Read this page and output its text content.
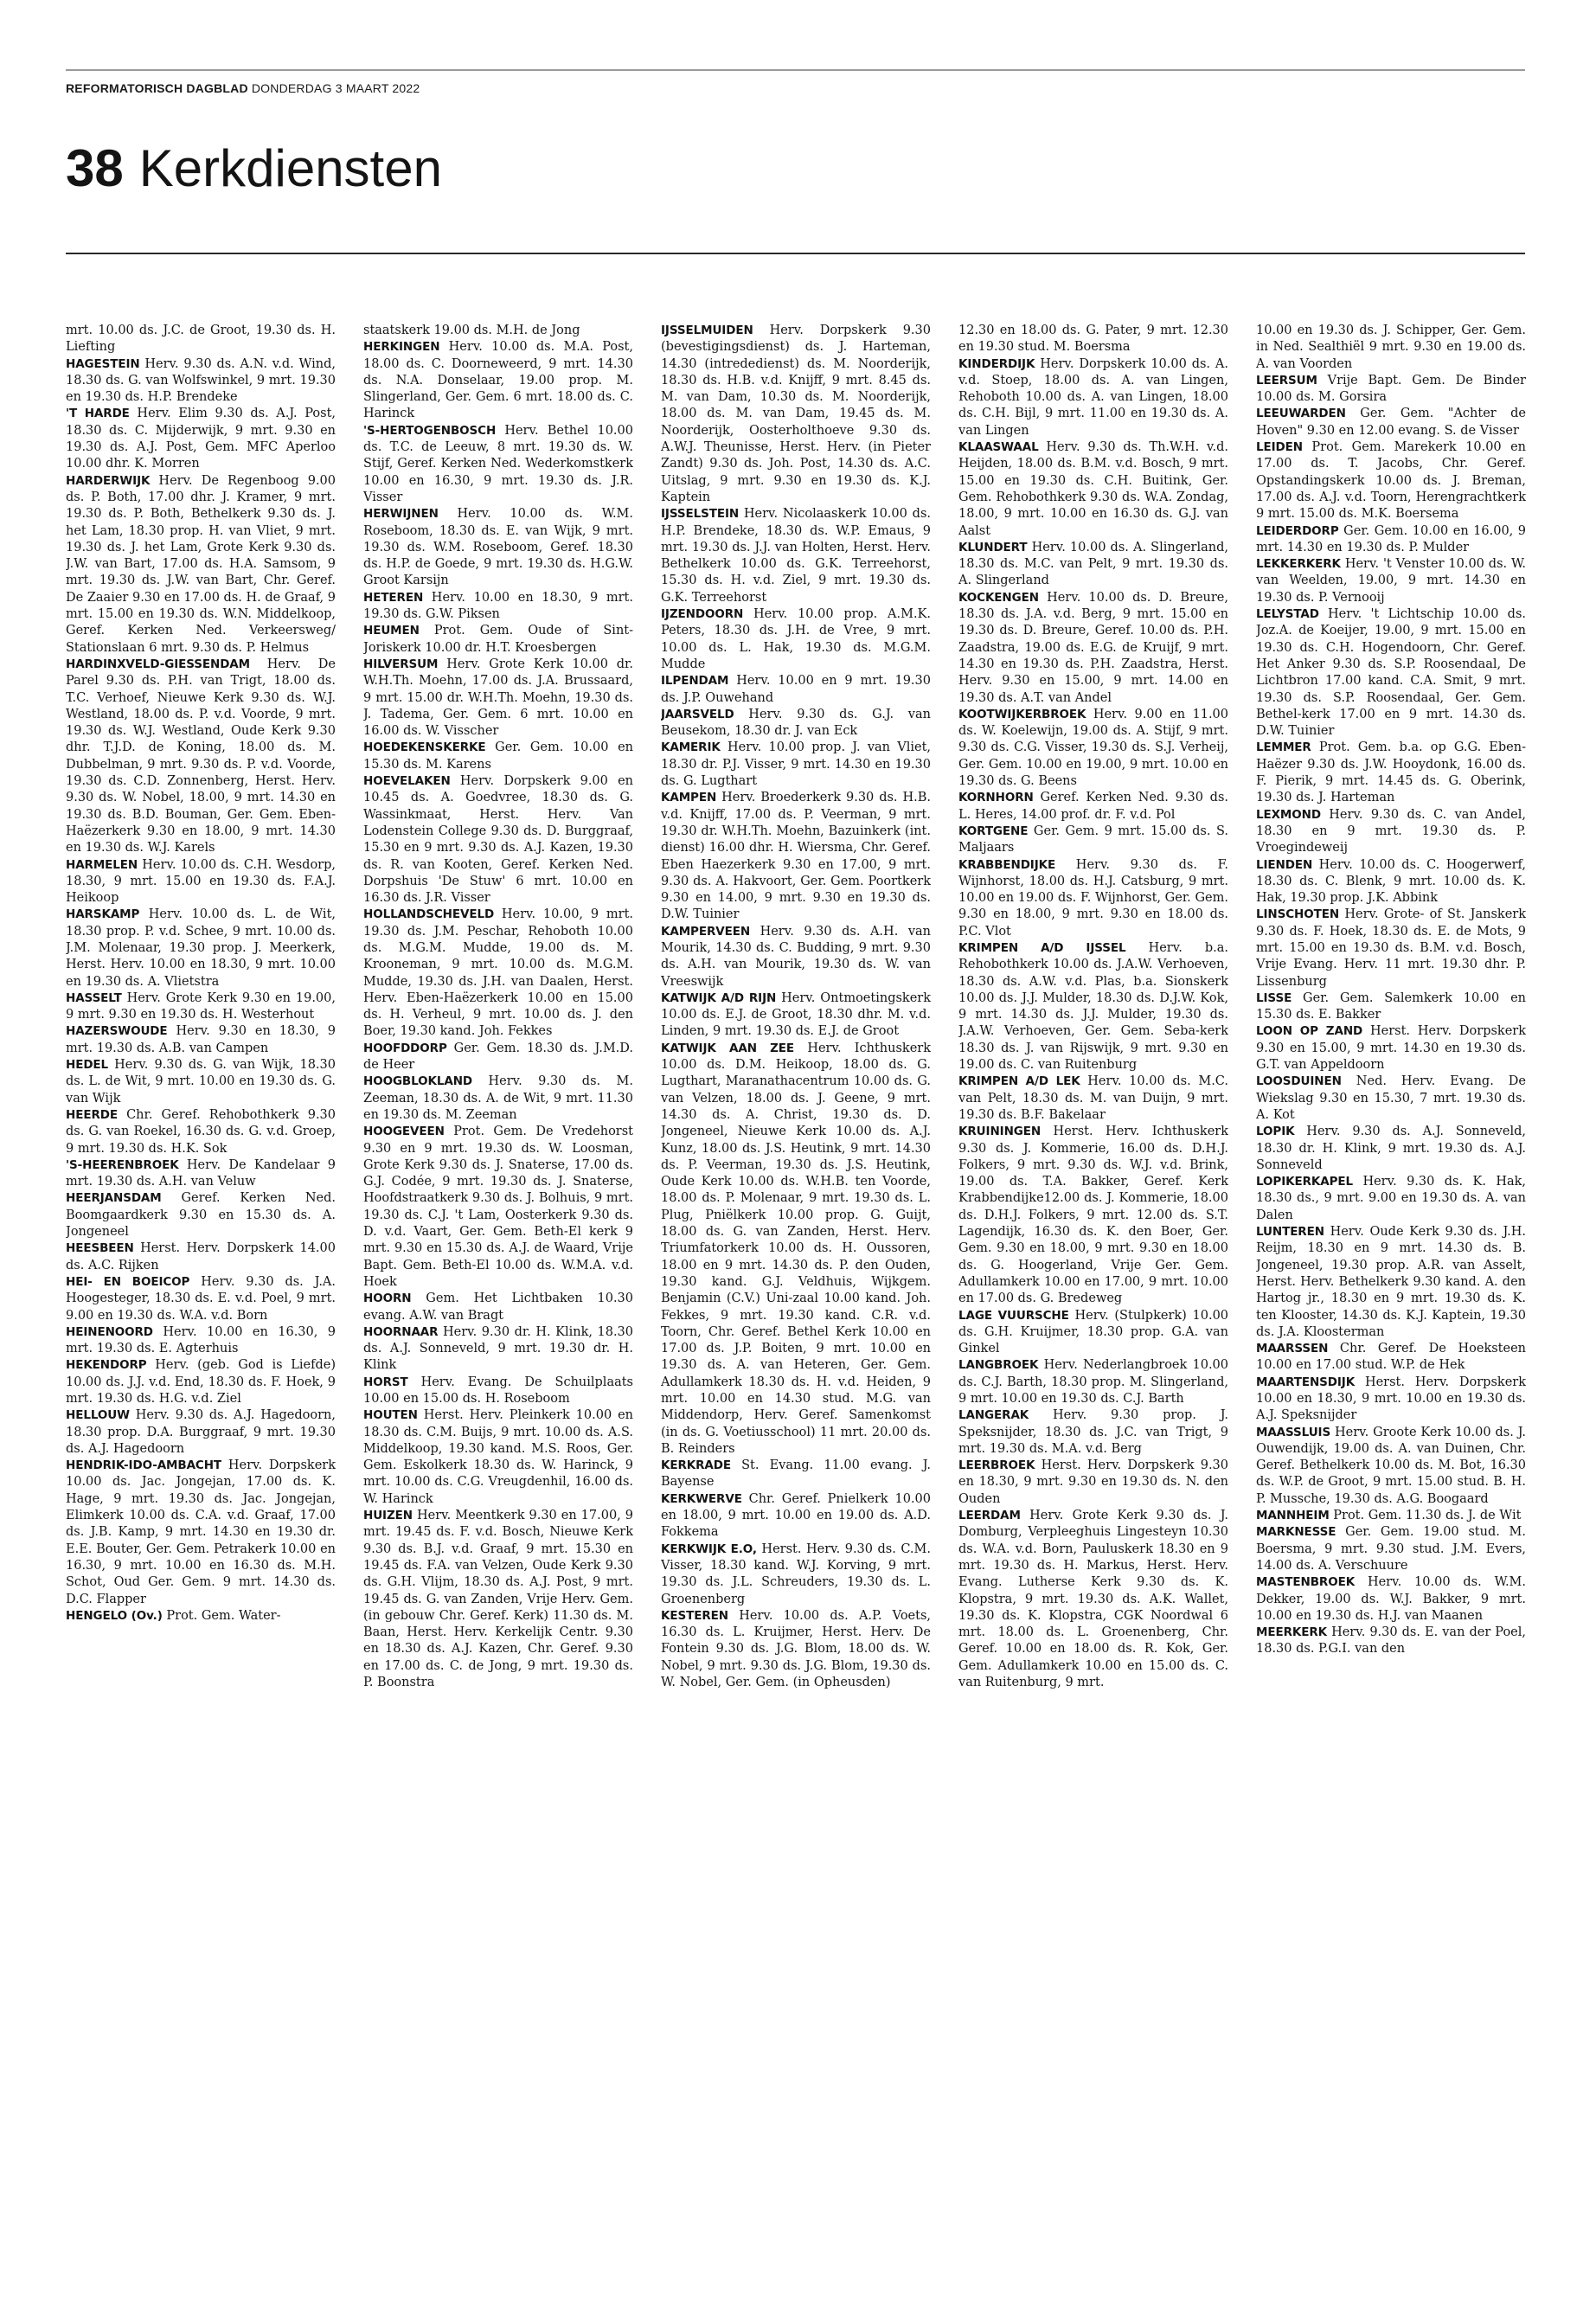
REFORMATORISCH DAGBLAD DONDERDAG 3 MAART 2022
38 Kerkdiensten

mrt. 10.00 ds. J.C. de Groot, 19.30 ds. H. Liefting

HAGESTEIN Herv. 9.30 ds. A.N. v.d. Wind, 18.30 ds. G. van Wolfswinkel, 9 mrt. 19.30 en 19.30 ds. H.P. Brendeke

'T HARDE Herv. Elim 9.30 ds. A.J. Post, 18.30 ds. C. Mijderwijk, 9 mrt. 9.30 en 19.30 ds. A.J. Post, Gem. MFC Aperloo 10.00 dhr. K. Morren

HARDERWIJK Herv. De Regenboog 9.00 ds. P. Both, 17.00 dhr. J. Kramer, 9 mrt. 19.30 ds. P. Both, Bethelkerk 9.30 ds. J. het Lam, 18.30 prop. H. van Vliet, 9 mrt. 19.30 ds. J. het Lam, Grote Kerk 9.30 ds. J.W. van Bart, 17.00 ds. H.A. Samsom, 9 mrt. 19.30 ds. J.W. van Bart, Chr. Geref. De Zaaier 9.30 en 17.00 ds. H. de Graaf, 9 mrt. 15.00 en 19.30 ds. W.N. Middelkoop, Geref. Kerken Ned. Verkeersweg/ Stationslaan 6 mrt. 9.30 ds. P. Helmus

HARDINXVELD-GIESSENDAM Herv. De Parel 9.30 ds. P.H. van Trigt, 18.00 ds. T.C. Verhoef, Nieuwe Kerk 9.30 ds. W.J. Westland, 18.00 ds. P. v.d. Voorde, 9 mrt. 19.30 ds. W.J. Westland, Oude Kerk 9.30 dhr. T.J.D. de Koning, 18.00 ds. M. Dubbelman, 9 mrt. 9.30 ds. P. v.d. Voorde, 19.30 ds. C.D. Zonnenberg, Herst. Herv. 9.30 ds. W. Nobel, 18.00, 9 mrt. 14.30 en 19.30 ds. B.D. Bouman, Ger. Gem. Eben-Haëzerkerk 9.30 en 18.00, 9 mrt. 14.30 en 19.30 ds. W.J. Karels

HARMELEN Herv. 10.00 ds. C.H. Wesdorp, 18.30, 9 mrt. 15.00 en 19.30 ds. F.A.J. Heikoop

HARSKAMP Herv. 10.00 ds. L. de Wit, 18.30 prop. P. v.d. Schee, 9 mrt. 10.00 ds. J.M. Molenaar, 19.30 prop. J. Meerkerk, Herst. Herv. 10.00 en 18.30, 9 mrt. 10.00 en 19.30 ds. A. Vlietstra

HASSELT Herv. Grote Kerk 9.30 en 19.00, 9 mrt. 9.30 en 19.30 ds. H. Westerhout

HAZERSWOUDE Herv. 9.30 en 18.30, 9 mrt. 19.30 ds. A.B. van Campen

HEDEL Herv. 9.30 ds. G. van Wijk, 18.30 ds. L. de Wit, 9 mrt. 10.00 en 19.30 ds. G. van Wijk

HEERDE Chr. Geref. Rehobothkerk 9.30 ds. G. van Roekel, 16.30 ds. G. v.d. Groep, 9 mrt. 19.30 ds. H.K. Sok

'S-HEERENBROEK Herv. De Kandelaar 9 mrt. 19.30 ds. A.H. van Veluw

HEERJANSDAM Geref. Kerken Ned. Boomgaardkerk 9.30 en 15.30 ds. A. Jongeneel

HEESBEEN Herst. Herv. Dorpskerk 14.00 ds. A.C. Rijken

HEI- EN BOEICOP Herv. 9.30 ds. J.A. Hoogesteger, 18.30 ds. E. v.d. Poel, 9 mrt. 9.00 en 19.30 ds. W.A. v.d. Born

HEINENOORD Herv. 10.00 en 16.30, 9 mrt. 19.30 ds. E. Agterhuis

HEKENDORP Herv. (geb. God is Liefde) 10.00 ds. J.J. v.d. End, 18.30 ds. F. Hoek, 9 mrt. 19.30 ds. H.G. v.d. Ziel

HELLOUW Herv. 9.30 ds. A.J. Hagedoorn, 18.30 prop. D.A. Burggraaf, 9 mrt. 19.30 ds. A.J. Hagedoorn

HENDRIK-IDO-AMBACHT Herv. Dorpskerk 10.00 ds. Jac. Jongejan, 17.00 ds. K. Hage, 9 mrt. 19.30 ds. Jac. Jongejan, Elimkerk 10.00 ds. C.A. v.d. Graaf, 17.00 ds. J.B. Kamp, 9 mrt. 14.30 en 19.30 dr. E.E. Bouter, Ger. Gem. Petrakerk 10.00 en 16.30, 9 mrt. 10.00 en 16.30 ds. M.H. Schot, Oud Ger. Gem. 9 mrt. 14.30 ds. D.C. Flapper

HENGELO (Ov.) Prot. Gem. Water-

staatskerk 19.00 ds. M.H. de Jong

HERKINGEN Herv. 10.00 ds. M.A. Post, 18.00 ds. C. Doorneweerd, 9 mrt. 14.30 ds. N.A. Donselaar, 19.00 prop. M. Slingerland, Ger. Gem. 6 mrt. 18.00 ds. C. Harinck

'S-HERTOGENBOSCH Herv. Bethel 10.00 ds. T.C. de Leeuw, 8 mrt. 19.30 ds. W. Stijf, Geref. Kerken Ned. Wederkomstkerk 10.00 en 16.30, 9 mrt. 19.30 ds. J.R. Visser

HERWIJNEN Herv. 10.00 ds. W.M. Roseboom, 18.30 ds. E. van Wijk, 9 mrt. 19.30 ds. W.M. Roseboom, Geref. 18.30 ds. H.P. de Goede, 9 mrt. 19.30 ds. H.G.W. Groot Karsijn

HETEREN Herv. 10.00 en 18.30, 9 mrt. 19.30 ds. G.W. Piksen

HEUMEN Prot. Gem. Oude of Sint-Joriskerk 10.00 dr. H.T. Kroesbergen

HILVERSUM Herv. Grote Kerk 10.00 dr. W.H.Th. Moehn, 17.00 ds. J.A. Brussaard, 9 mrt. 15.00 dr. W.H.Th. Moehn, 19.30 ds. J. Tadema, Ger. Gem. 6 mrt. 10.00 en 16.00 ds. W. Visscher

HOEDEKENSKERKE Ger. Gem. 10.00 en 15.30 ds. M. Karens

HOEVELAKEN Herv. Dorpskerk 9.00 en 10.45 ds. A. Goedvree, 18.30 ds. G. Wassinkmaat, Herst. Herv. Van Lodenstein College 9.30 ds. D. Burggraaf, 15.30 en 9 mrt. 9.30 ds. A.J. Kazen, 19.30 ds. R. van Kooten, Geref. Kerken Ned. Dorpshuis 'De Stuw' 6 mrt. 10.00 en 16.30 ds. J.R. Visser

HOLLANDSCHEVELD Herv. 10.00, 9 mrt. 19.30 ds. J.M. Peschar, Rehoboth 10.00 ds. M.G.M. Mudde, 19.00 ds. M. Krooneman, 9 mrt. 10.00 ds. M.G.M. Mudde, 19.30 ds. J.H. van Daalen, Herst. Herv. Eben-Haëzerkerk 10.00 en 15.00 ds. H. Verheul, 9 mrt. 10.00 ds. J. den Boer, 19.30 kand. Joh. Fekkes

HOOFDDORP Ger. Gem. 18.30 ds. J.M.D. de Heer

HOOGBLOKLAND Herv. 9.30 ds. M. Zeeman, 18.30 ds. A. de Wit, 9 mrt. 11.30 en 19.30 ds. M. Zeeman

HOOGEVEEN Prot. Gem. De Vredehorst 9.30 en 9 mrt. 19.30 ds. W. Loosman, Grote Kerk 9.30 ds. J. Snaterse, 17.00 ds. G.J. Codée, 9 mrt. 19.30 ds. J. Snaterse, Hoofdstraatkerk 9.30 ds. J. Bolhuis, 9 mrt. 19.30 ds. C.J. 't Lam, Oosterkerk 9.30 ds. D. v.d. Vaart, Ger. Gem. Beth-El kerk 9 mrt. 9.30 en 15.30 ds. A.J. de Waard, Vrije Bapt. Gem. Beth-El 10.00 ds. W.M.A. v.d. Hoek

HOORN Gem. Het Lichtbaken 10.30 evang. A.W. van Bragt

HOORNAAR Herv. 9.30 dr. H. Klink, 18.30 ds. A.J. Sonneveld, 9 mrt. 19.30 dr. H. Klink

HORST Herv. Evang. De Schuilplaats 10.00 en 15.00 ds. H. Roseboom

HOUTEN Herst. Herv. Pleinkerk 10.00 en 18.30 ds. C.M. Buijs, 9 mrt. 10.00 ds. A.S. Middelkoop, 19.30 kand. M.S. Roos, Ger. Gem. Eskolkerk 18.30 ds. W. Harinck, 9 mrt. 10.00 ds. C.G. Vreugdenhil, 16.00 ds. W. Harinck

HUIZEN Herv. Meentkerk 9.30 en 17.00, 9 mrt. 19.45 ds. F. v.d. Bosch, Nieuwe Kerk 9.30 ds. B.J. v.d. Graaf, 9 mrt. 15.30 en 19.45 ds. F.A. van Velzen, Oude Kerk 9.30 ds. G.H. Vlijm, 18.30 ds. A.J. Post, 9 mrt. 19.45 ds. G. van Zanden, Vrije Herv. Gem. (in gebouw Chr. Geref. Kerk) 11.30 ds. M. Baan, Herst. Herv. Kerkelijk Centr. 9.30 en 18.30 ds. A.J. Kazen, Chr. Geref. 9.30 en 17.00 ds. C. de Jong, 9 mrt. 19.30 ds. P. Boonstra

IJSSELMUIDEN Herv. Dorpskerk 9.30 (bevestigingsdienst) ds. J. Harteman, 14.30 (intrededienst) ds. M. Noorderijk, 18.30 ds. H.B. v.d. Knijff, 9 mrt. 8.45 ds. M. van Dam, 10.30 ds. M. Noorderijk, 18.00 ds. M. van Dam, 19.45 ds. M. Noorderijk, Oosterholthoeve 9.30 ds. A.W.J. Theunisse, Herst. Herv. (in Pieter Zandt) 9.30 ds. Joh. Post, 14.30 ds. A.C. Uitslag, 9 mrt. 9.30 en 19.30 ds. K.J. Kaptein

IJSSELSTEIN Herv. Nicolaaskerk 10.00 ds. H.P. Brendeke, 18.30 ds. W.P. Emaus, 9 mrt. 19.30 ds. J.J. van Holten, Herst. Herv. Bethelkerk 10.00 ds. G.K. Terreehorst, 15.30 ds. H. v.d. Ziel, 9 mrt. 19.30 ds. G.K. Terreehorst

IJZENDOORN Herv. 10.00 prop. A.M.K. Peters, 18.30 ds. J.H. de Vree, 9 mrt. 10.00 ds. L. Hak, 19.30 ds. M.G.M. Mudde

ILPENDAM Herv. 10.00 en 9 mrt. 19.30 ds. J.P. Ouwehand

JAARSVELD Herv. 9.30 ds. G.J. van Beusekom, 18.30 dr. J. van Eck

KAMERIK Herv. 10.00 prop. J. van Vliet, 18.30 dr. P.J. Visser, 9 mrt. 14.30 en 19.30 ds. G. Lugthart

KAMPEN Herv. Broederkerk 9.30 ds. H.B. v.d. Knijff, 17.00 ds. P. Veerman, 9 mrt. 19.30 dr. W.H.Th. Moehn, Bazuinkerk (int. dienst) 16.00 dhr. H. Wiersma, Chr. Geref. Eben Haezerkerk 9.30 en 17.00, 9 mrt. 9.30 ds. A. Hakvoort, Ger. Gem. Poortkerk 9.30 en 14.00, 9 mrt. 9.30 en 19.30 ds. D.W. Tuinier

KAMPERVEEN Herv. 9.30 ds. A.H. van Mourik, 14.30 ds. C. Budding, 9 mrt. 9.30 ds. A.H. van Mourik, 19.30 ds. W. van Vreeswijk

KATWIJK A/D RIJN Herv. Ontmoetingskerk 10.00 ds. E.J. de Groot, 18.30 dhr. M. v.d. Linden, 9 mrt. 19.30 ds. E.J. de Groot

KATWIJK AAN ZEE Herv. Ichthuskerk 10.00 ds. D.M. Heikoop, 18.00 ds. G. Lugthart, Maranathacentrum 10.00 ds. G. van Velzen, 18.00 ds. J. Geene, 9 mrt. 14.30 ds. A. Christ, 19.30 ds. D. Jongeneel, Nieuwe Kerk 10.00 ds. A.J. Kunz, 18.00 ds. J.S. Heutink, 9 mrt. 14.30 ds. P. Veerman, 19.30 ds. J.S. Heutink, Oude Kerk 10.00 ds. W.H.B. ten Voorde, 18.00 ds. P. Molenaar, 9 mrt. 19.30 ds. L. Plug, Pniëlkerk 10.00 prop. G. Guijt, 18.00 ds. G. van Zanden, Herst. Herv. Triumfatorkerk 10.00 ds. H. Oussoren, 18.00 en 9 mrt. 14.30 ds. P. den Ouden, 19.30 kand. G.J. Veldhuis, Wijkgem. Benjamin (C.V.) Uni-zaal 10.00 kand. Joh. Fekkes, 9 mrt. 19.30 kand. C.R. v.d. Toorn, Chr. Geref. Bethel Kerk 10.00 en 17.00 ds. J.P. Boiten, 9 mrt. 10.00 en 19.30 ds. A. van Heteren, Ger. Gem. Adullamkerk 18.30 ds. H. v.d. Heiden, 9 mrt. 10.00 en 14.30 stud. M.G. van Middendorp, Herv. Geref. Samenkomst (in ds. G. Voetiusschool) 11 mrt. 20.00 ds. B. Reinders

KERKRADE St. Evang. 11.00 evang. J. Bayense

KERKWERVE Chr. Geref. Pnielkerk 10.00 en 18.00, 9 mrt. 10.00 en 19.00 ds. A.D. Fokkema

KERKWIJK E.O, Herst. Herv. 9.30 ds. C.M. Visser, 18.30 kand. W.J. Korving, 9 mrt. 19.30 ds. J.L. Schreuders, 19.30 ds. L. Groenenberg

KESTEREN Herv. 10.00 ds. A.P. Voets, 16.30 ds. L. Kruijmer, Herst. Herv. De Fontein 9.30 ds. J.G. Blom, 18.00 ds. W. Nobel, 9 mrt. 9.30 ds. J.G. Blom, 19.30 ds. W. Nobel, Ger. Gem. (in Opheusden)

12.30 en 18.00 ds. G. Pater, 9 mrt. 12.30 en 19.30 stud. M. Boersma

KINDERDIJK Herv. Dorpskerk 10.00 ds. A. v.d. Stoep, 18.00 ds. A. van Lingen, Rehoboth 10.00 ds. A. van Lingen, 18.00 ds. C.H. Bijl, 9 mrt. 11.00 en 19.30 ds. A. van Lingen

KLAASWAAL Herv. 9.30 ds. Th.W.H. v.d. Heijden, 18.00 ds. B.M. v.d. Bosch, 9 mrt. 15.00 en 19.30 ds. C.H. Buitink, Ger. Gem. Rehobothkerk 9.30 ds. W.A. Zondag, 18.00, 9 mrt. 10.00 en 16.30 ds. G.J. van Aalst

KLUNDERT Herv. 10.00 ds. A. Slingerland, 18.30 ds. M.C. van Pelt, 9 mrt. 19.30 ds. A. Slingerland

KOCKENGEN Herv. 10.00 ds. D. Breure, 18.30 ds. J.A. v.d. Berg, 9 mrt. 15.00 en 19.30 ds. D. Breure, Geref. 10.00 ds. P.H. Zaadstra, 19.00 ds. E.G. de Kruijf, 9 mrt. 14.30 en 19.30 ds. P.H. Zaadstra, Herst. Herv. 9.30 en 15.00, 9 mrt. 14.00 en 19.30 ds. A.T. van Andel

KOOTWIJKERBROEK Herv. 9.00 en 11.00 ds. W. Koelewijn, 19.00 ds. A. Stijf, 9 mrt. 9.30 ds. C.G. Visser, 19.30 ds. S.J. Verheij, Ger. Gem. 10.00 en 19.00, 9 mrt. 10.00 en 19.30 ds. G. Beens

KORNHORN Geref. Kerken Ned. 9.30 ds. L. Heres, 14.00 prof. dr. F. v.d. Pol

KORTGENE Ger. Gem. 9 mrt. 15.00 ds. S. Maljaars

KRABBENDIJKE Herv. 9.30 ds. F. Wijnhorst, 18.00 ds. H.J. Catsburg, 9 mrt. 10.00 en 19.00 ds. F. Wijnhorst, Ger. Gem. 9.30 en 18.00, 9 mrt. 9.30 en 18.00 ds. P.C. Vlot

KRIMPEN A/D IJSSEL Herv. b.a. Rehobothkerk 10.00 ds. J.A.W. Verhoeven, 18.30 ds. A.W. v.d. Plas, b.a. Sionskerk 10.00 ds. J.J. Mulder, 18.30 ds. D.J.W. Kok, 9 mrt. 14.30 ds. J.J. Mulder, 19.30 ds. J.A.W. Verhoeven, Ger. Gem. Seba-kerk 18.30 ds. J. van Rijswijk, 9 mrt. 9.30 en 19.00 ds. C. van Ruitenburg

KRIMPEN A/D LEK Herv. 10.00 ds. M.C. van Pelt, 18.30 ds. M. van Duijn, 9 mrt. 19.30 ds. B.F. Bakelaar

KRUININGEN Herst. Herv. Ichthuskerk 9.30 ds. J. Kommerie, 16.00 ds. D.H.J. Folkers, 9 mrt. 9.30 ds. W.J. v.d. Brink, 19.00 ds. T.A. Bakker, Geref. Kerk Krabbendijke12.00 ds. J. Kommerie, 18.00 ds. D.H.J. Folkers, 9 mrt. 12.00 ds. S.T. Lagendijk, 16.30 ds. K. den Boer, Ger. Gem. 9.30 en 18.00, 9 mrt. 9.30 en 18.00 ds. G. Hoogerland, Vrije Ger. Gem. Adullamkerk 10.00 en 17.00, 9 mrt. 10.00 en 17.00 ds. G. Bredeweg

LAGE VUURSCHE Herv. (Stulpkerk) 10.00 ds. G.H. Kruijmer, 18.30 prop. G.A. van Ginkel

LANGBROEK Herv. Nederlangbroek 10.00 ds. C.J. Barth, 18.30 prop. M. Slingerland, 9 mrt. 10.00 en 19.30 ds. C.J. Barth

LANGERAK Herv. 9.30 prop. J. Speksnijder, 18.30 ds. J.C. van Trigt, 9 mrt. 19.30 ds. M.A. v.d. Berg

LEERBROEK Herst. Herv. Dorpskerk 9.30 en 18.30, 9 mrt. 9.30 en 19.30 ds. N. den Ouden

LEERDAM Herv. Grote Kerk 9.30 ds. J. Domburg, Verpleeghuis Lingesteyn 10.30 ds. W.A. v.d. Born, Pauluskerk 18.30 en 9 mrt. 19.30 ds. H. Markus, Herst. Herv. Evang. Lutherse Kerk 9.30 ds. K. Klopstra, 9 mrt. 19.30 ds. A.K. Wallet, 19.30 ds. K. Klopstra, CGK Noordwal 6 mrt. 18.00 ds. L. Groenenberg, Chr. Geref. 10.00 en 18.00 ds. R. Kok, Ger. Gem. Adullamkerk 10.00 en 15.00 ds. C. van Ruitenburg, 9 mrt.

10.00 en 19.30 ds. J. Schipper, Ger. Gem. in Ned. Sealthiël 9 mrt. 9.30 en 19.00 ds. A. van Voorden

LEERSUM Vrije Bapt. Gem. De Binder 10.00 ds. M. Gorsira

LEEUWARDEN Ger. Gem. "Achter de Hoven" 9.30 en 12.00 evang. S. de Visser

LEIDEN Prot. Gem. Marekerk 10.00 en 17.00 ds. T. Jacobs, Chr. Geref. Opstandingskerk 10.00 ds. J. Breman, 17.00 ds. A.J. v.d. Toorn, Herengrachtkerk 9 mrt. 15.00 ds. M.K. Boersema

LEIDERDORP Ger. Gem. 10.00 en 16.00, 9 mrt. 14.30 en 19.30 ds. P. Mulder

LEKKERKERK Herv. 't Venster 10.00 ds. W. van Weelden, 19.00, 9 mrt. 14.30 en 19.30 ds. P. Vernooij

LELYSTAD Herv. 't Lichtschip 10.00 ds. Joz.A. de Koeijer, 19.00, 9 mrt. 15.00 en 19.30 ds. C.H. Hogendoorn, Chr. Geref. Het Anker 9.30 ds. S.P. Roosendaal, De Lichtbron 17.00 kand. C.A. Smit, 9 mrt. 19.30 ds. S.P. Roosendaal, Ger. Gem. Bethel-kerk 17.00 en 9 mrt. 14.30 ds. D.W. Tuinier

LEMMER Prot. Gem. b.a. op G.G. Eben-Haëzer 9.30 ds. J.W. Hooydonk, 16.00 ds. F. Pierik, 9 mrt. 14.45 ds. G. Oberink, 19.30 ds. J. Harteman

LEXMOND Herv. 9.30 ds. C. van Andel, 18.30 en 9 mrt. 19.30 ds. P. Vroegindeweij

LIENDEN Herv. 10.00 ds. C. Hoogerwerf, 18.30 ds. C. Blenk, 9 mrt. 10.00 ds. K. Hak, 19.30 prop. J.K. Abbink

LINSCHOTEN Herv. Grote- of St. Janskerk 9.30 ds. F. Hoek, 18.30 ds. E. de Mots, 9 mrt. 15.00 en 19.30 ds. B.M. v.d. Bosch, Vrije Evang. Herv. 11 mrt. 19.30 dhr. P. Lissenburg

LISSE Ger. Gem. Salemkerk 10.00 en 15.30 ds. E. Bakker

LOON OP ZAND Herst. Herv. Dorpskerk 9.30 en 15.00, 9 mrt. 14.30 en 19.30 ds. G.T. van Appeldoorn

LOOSDUINEN Ned. Herv. Evang. De Wiekslag 9.30 en 15.30, 7 mrt. 19.30 ds. A. Kot

LOPIK Herv. 9.30 ds. A.J. Sonneveld, 18.30 dr. H. Klink, 9 mrt. 19.30 ds. A.J. Sonneveld

LOPIKERKAPEL Herv. 9.30 ds. K. Hak, 18.30 ds., 9 mrt. 9.00 en 19.30 ds. A. van Dalen

LUNTEREN Herv. Oude Kerk 9.30 ds. J.H. Reijm, 18.30 en 9 mrt. 14.30 ds. B. Jongeneel, 19.30 prop. A.R. van Asselt, Herst. Herv. Bethelkerk 9.30 kand. A. den Hartog jr., 18.30 en 9 mrt. 19.30 ds. K. ten Klooster, 14.30 ds. K.J. Kaptein, 19.30 ds. J.A. Kloosterman

MAARSSEN Chr. Geref. De Hoeksteen 10.00 en 17.00 stud. W.P. de Hek

MAARTENSDIJK Herst. Herv. Dorpskerk 10.00 en 18.30, 9 mrt. 10.00 en 19.30 ds. A.J. Speksnijder

MAASSLUIS Herv. Groote Kerk 10.00 ds. J. Ouwendijk, 19.00 ds. A. van Duinen, Chr. Geref. Bethelkerk 10.00 ds. M. Bot, 16.30 ds. W.P. de Groot, 9 mrt. 15.00 stud. B. H. P. Mussche, 19.30 ds. A.G. Boogaard

MANNHEIM Prot. Gem. 11.30 ds. J. de Wit

MARKNESSE Ger. Gem. 19.00 stud. M. Boersma, 9 mrt. 9.30 stud. J.M. Evers, 14.00 ds. A. Verschuure

MASTENBROEK Herv. 10.00 ds. W.M. Dekker, 19.00 ds. W.J. Bakker, 9 mrt. 10.00 en 19.30 ds. H.J. van Maanen

MEERKERK Herv. 9.30 ds. E. van der Poel, 18.30 ds. P.G.I. van den
